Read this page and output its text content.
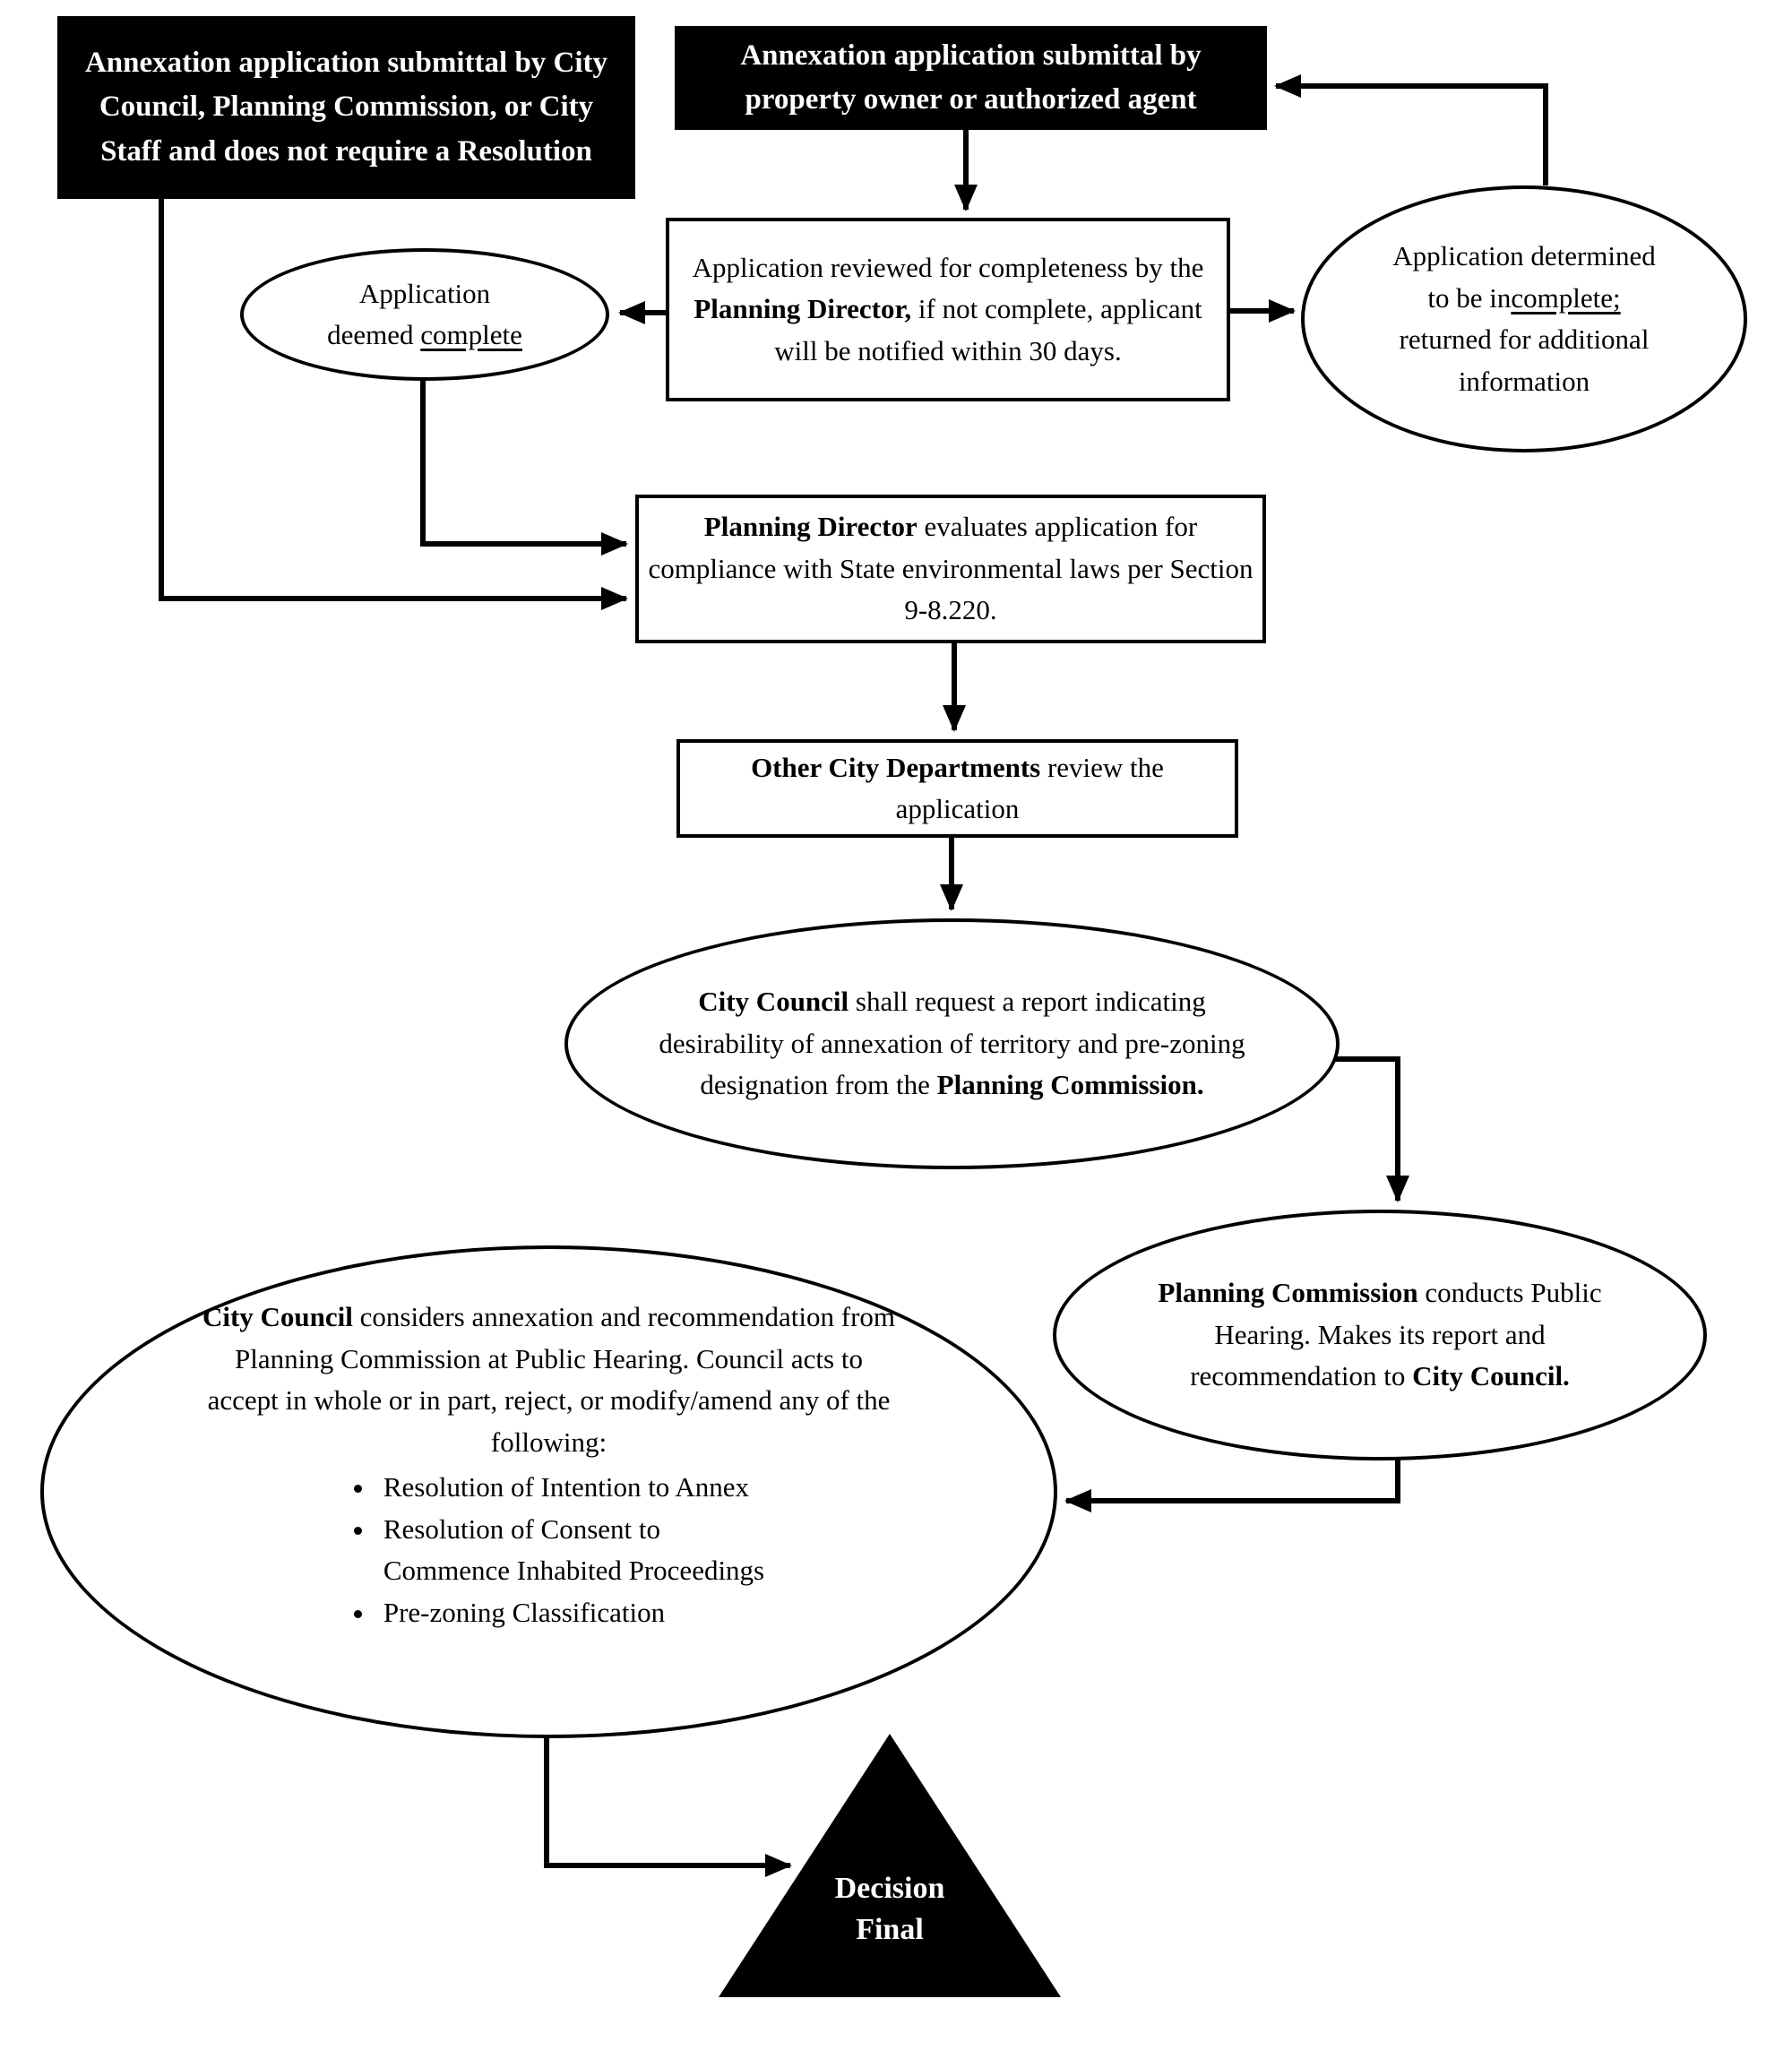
Annexation application submittal by City Council, Planning Commission, or City Staff and does not require a Resolution
Annexation application submittal by property owner or authorized agent
Application reviewed for completeness by the Planning Director, if not complete, applicant will be notified within 30 days.
Application
deemed complete
Application determined
to be incomplete;
returned for additional
information
Planning Director evaluates application for compliance with State environmental laws per Section 9-8.220.
Other City Departments review the application
City Council shall request a report indicating desirability of annexation of territory and pre-zoning designation from the Planning Commission.
Planning Commission conducts Public Hearing. Makes its report and recommendation to City Council.
City Council considers annexation and recommendation from Planning Commission at Public Hearing. Council acts to accept in whole or in part, reject, or modify/amend any of the following:
• Resolution of Intention to Annex
• Resolution of Consent to
Commence Inhabited Proceedings
• Pre-zoning Classification
Decision
Final
